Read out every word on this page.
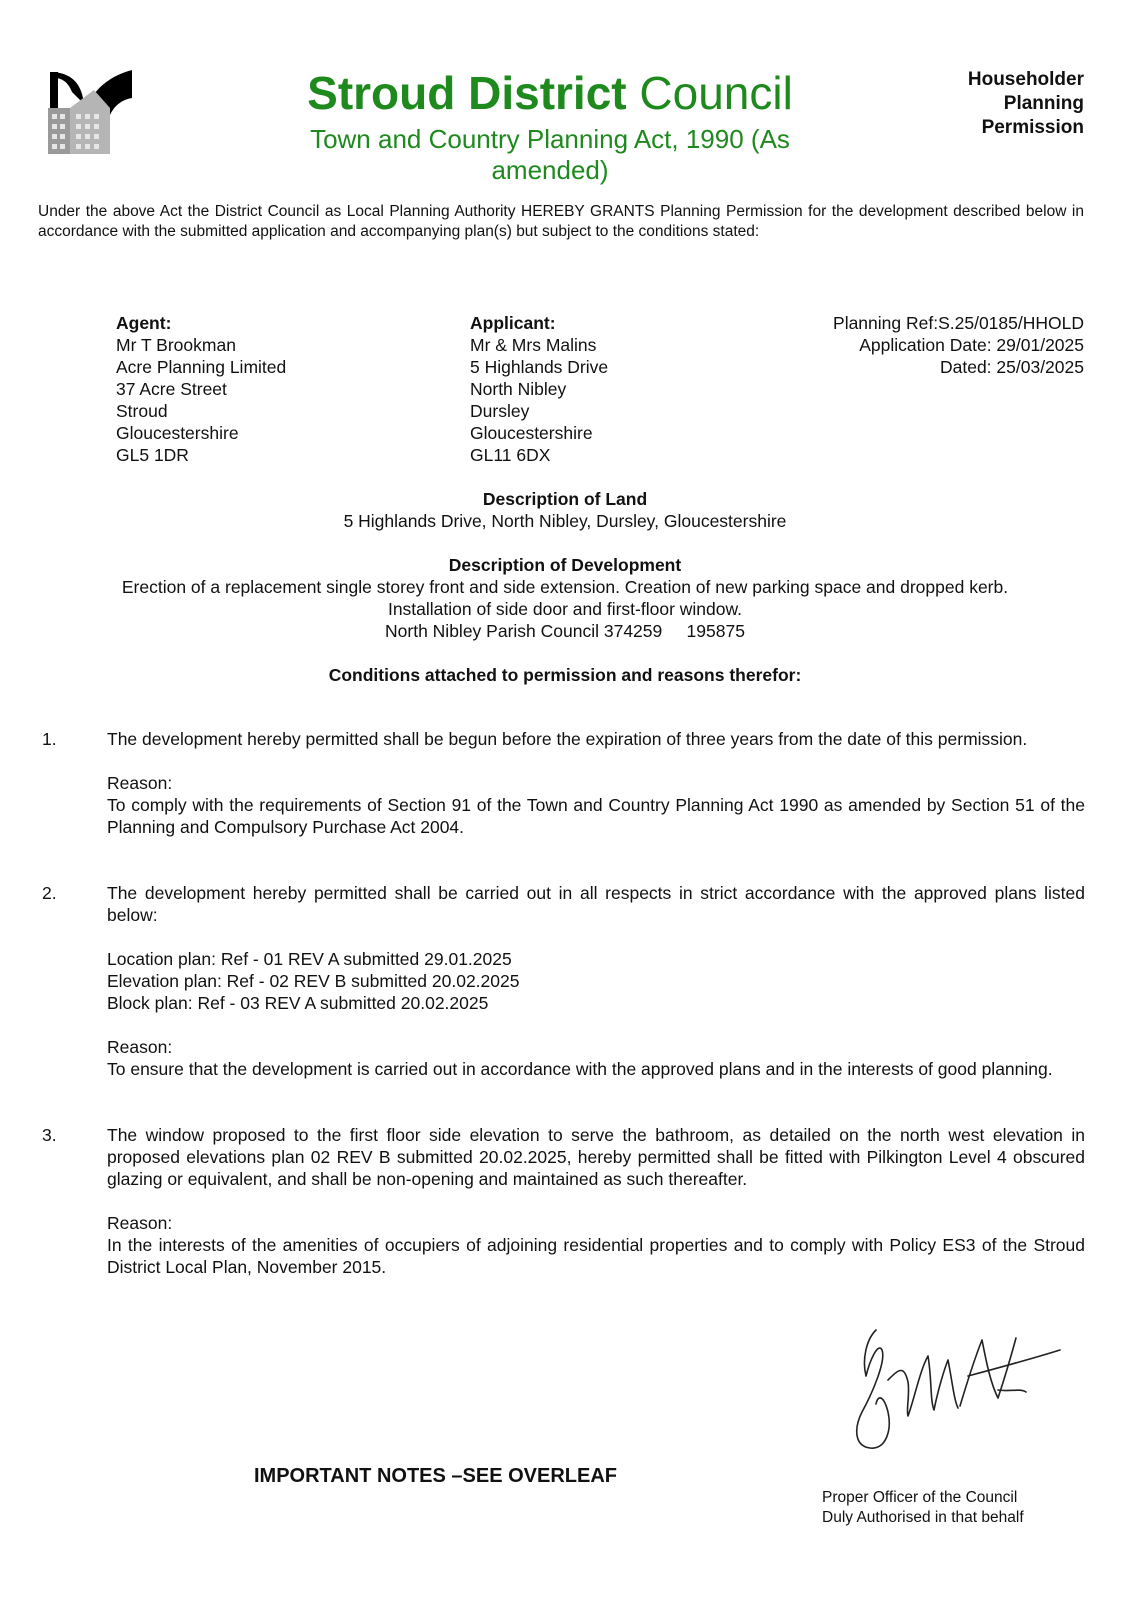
Stroud District Council
Town and Country Planning Act, 1990 (As amended)
Householder
Planning
Permission
Under the above Act the District Council as Local Planning Authority HEREBY GRANTS Planning Permission for the development described below in accordance with the submitted application and accompanying plan(s) but subject to the conditions stated:
Agent:
Mr T Brookman
Acre Planning Limited
37 Acre Street
Stroud
Gloucestershire
GL5 1DR
Applicant:
Mr & Mrs Malins
5 Highlands Drive
North Nibley
Dursley
Gloucestershire
GL11 6DX
Planning Ref:S.25/0185/HHOLD
Application Date: 29/01/2025
Dated: 25/03/2025
Description of Land
5 Highlands Drive, North Nibley, Dursley, Gloucestershire
Description of Development
Erection of a replacement single storey front and side extension. Creation of new parking space and dropped kerb.
Installation of side door and first-floor window.
North Nibley Parish Council 374259     195875
Conditions attached to permission and reasons therefor:
1.	The development hereby permitted shall be begun before the expiration of three years from the date of this permission.
Reason:
To comply with the requirements of Section 91 of the Town and Country Planning Act 1990 as amended by Section 51 of the Planning and Compulsory Purchase Act 2004.
2.	The development hereby permitted shall be carried out in all respects in strict accordance with the approved plans listed below:
Location plan: Ref - 01 REV A submitted 29.01.2025
Elevation plan: Ref - 02 REV B submitted 20.02.2025
Block plan: Ref - 03 REV A submitted 20.02.2025
Reason:
To ensure that the development is carried out in accordance with the approved plans and in the interests of good planning.
3.	The window proposed to the first floor side elevation to serve the bathroom, as detailed on the north west elevation in proposed elevations plan 02 REV B submitted 20.02.2025, hereby permitted shall be fitted with Pilkington Level 4 obscured glazing or equivalent, and shall be non-opening and maintained as such thereafter.
Reason:
In the interests of the amenities of occupiers of adjoining residential properties and to comply with Policy ES3 of the Stroud District Local Plan, November 2015.
IMPORTANT NOTES –SEE OVERLEAF
Proper Officer of the Council
Duly Authorised in that behalf
